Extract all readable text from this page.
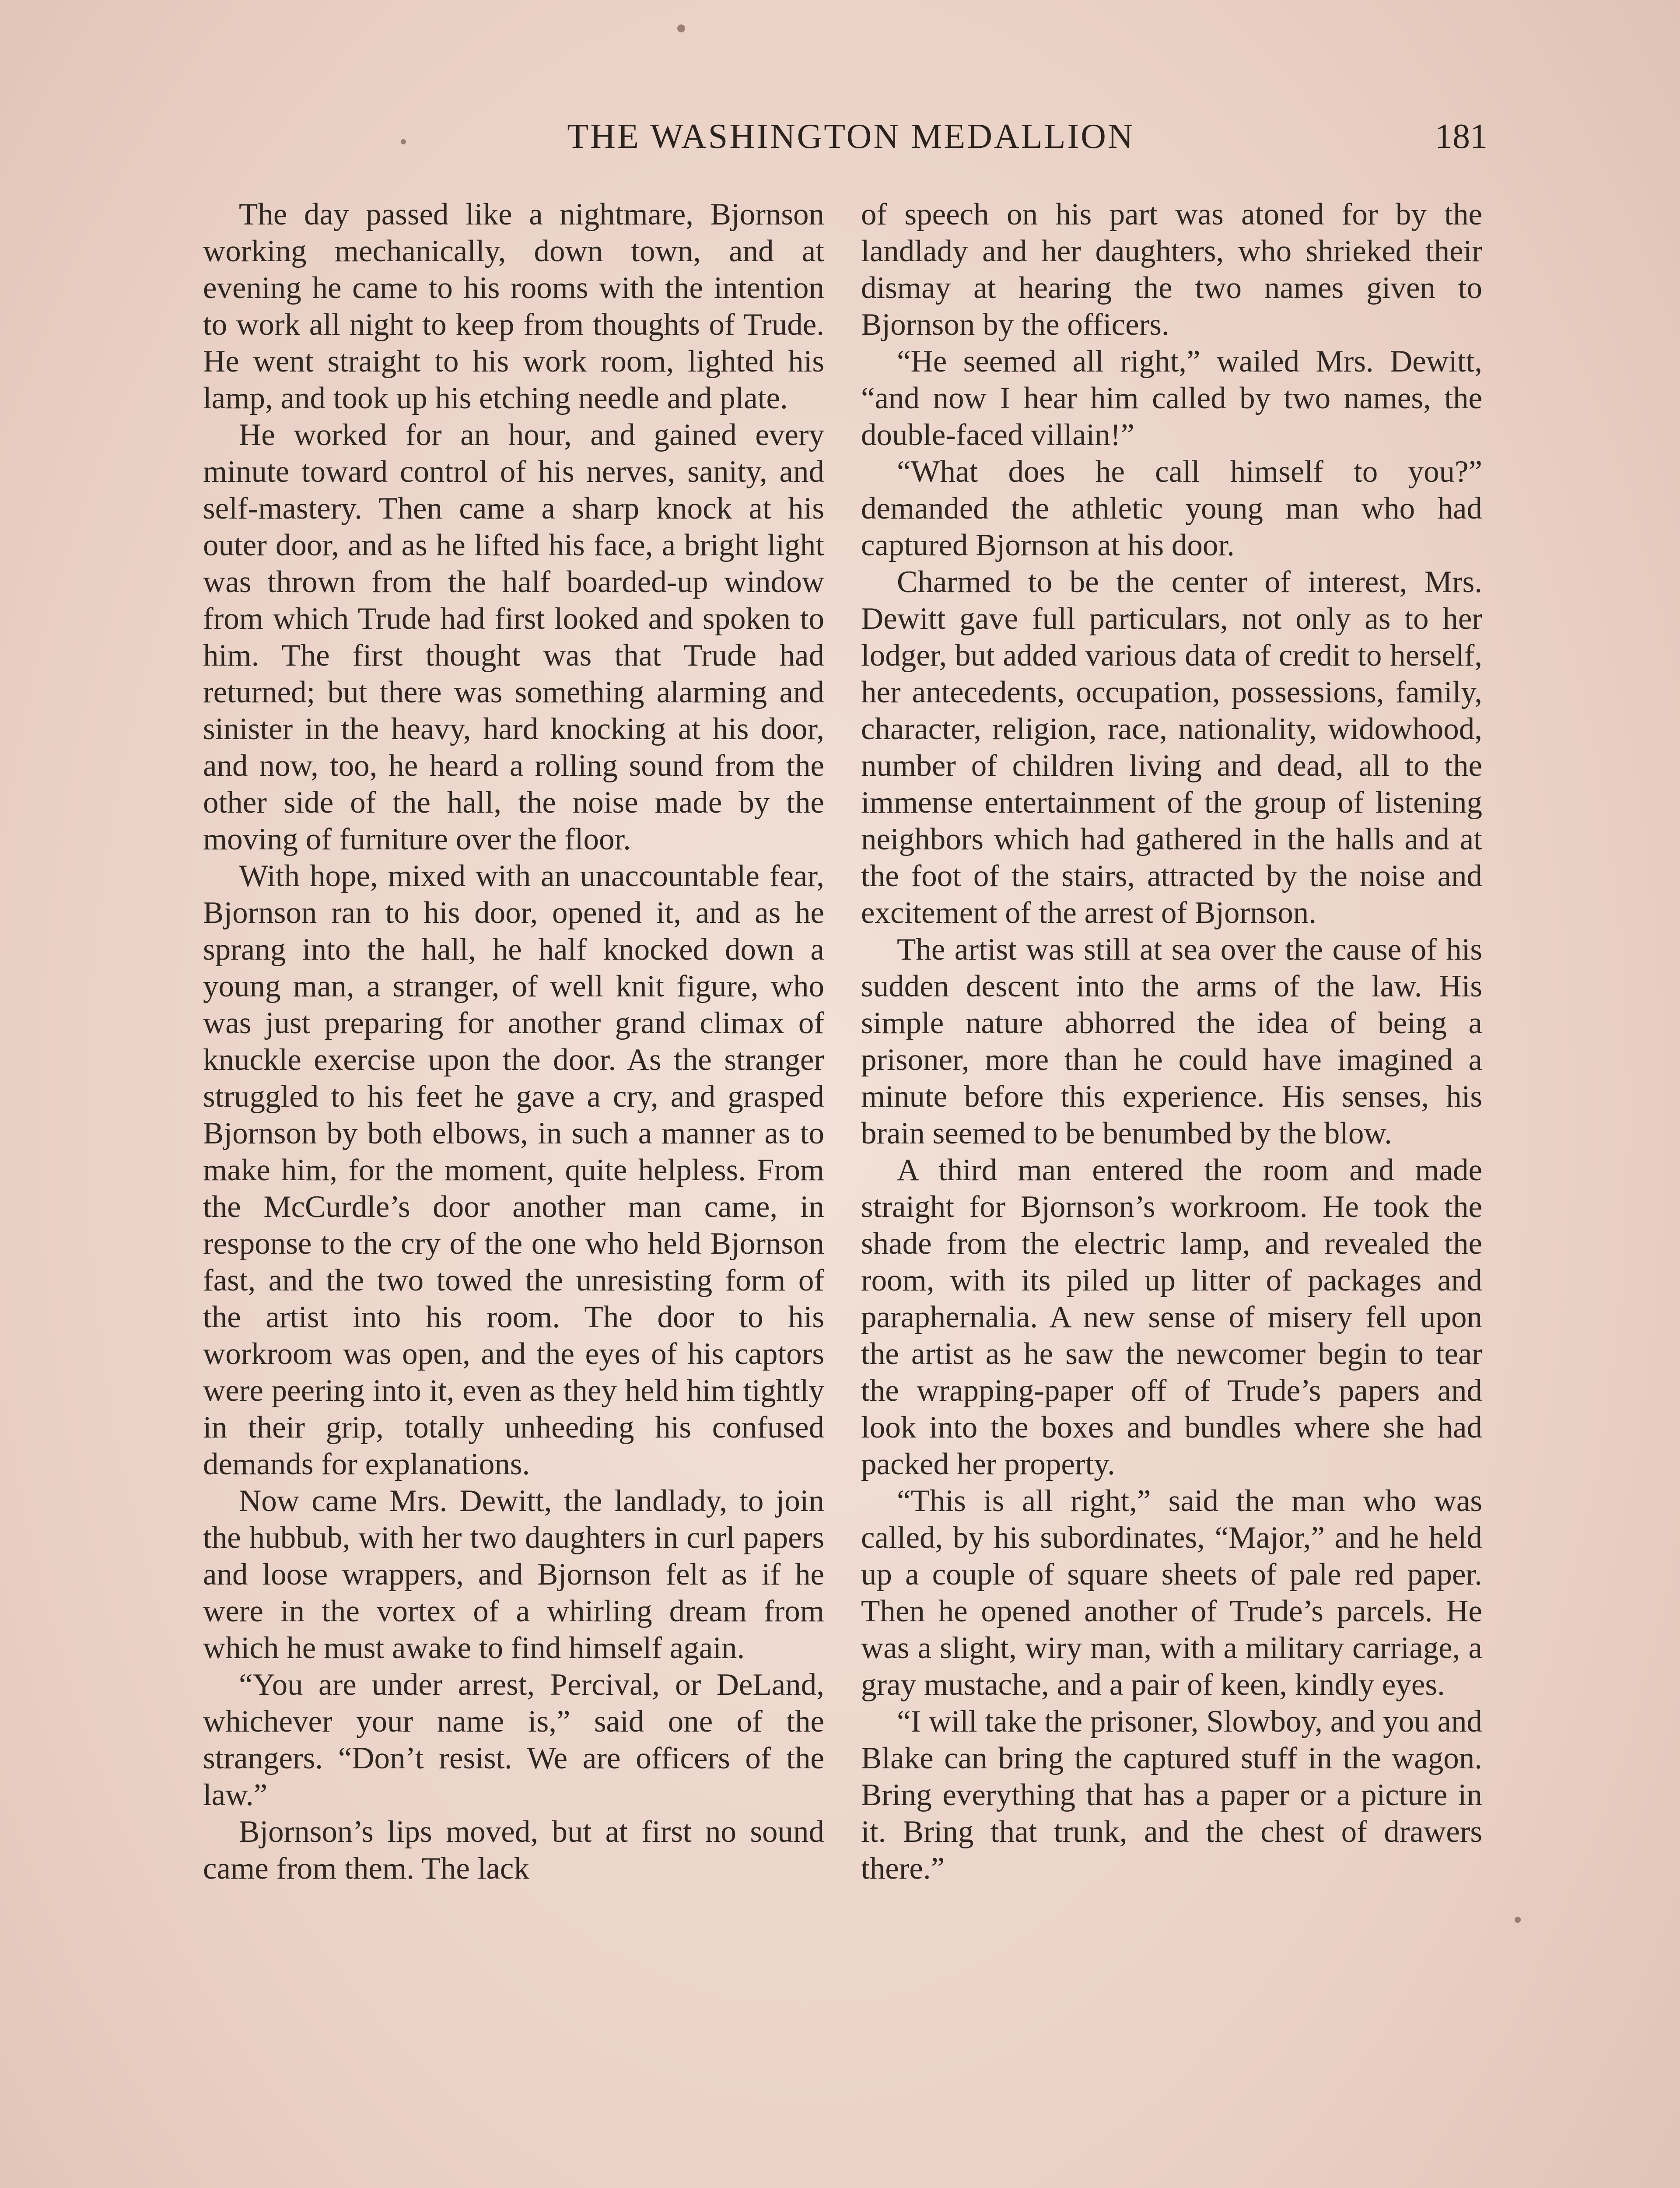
THE WASHINGTON MEDALLION	181

The day passed like a nightmare, Bjornson working mechanically, down town, and at evening he came to his rooms with the intention to work all night to keep from thoughts of Trude. He went straight to his work room, lighted his lamp, and took up his etching needle and plate.

He worked for an hour, and gained every minute toward control of his nerves, sanity, and self-mastery. Then came a sharp knock at his outer door, and as he lifted his face, a bright light was thrown from the half boarded-up window from which Trude had first looked and spoken to him. The first thought was that Trude had returned; but there was something alarming and sinister in the heavy, hard knocking at his door, and now, too, he heard a rolling sound from the other side of the hall, the noise made by the moving of furniture over the floor.

With hope, mixed with an unaccountable fear, Bjornson ran to his door, opened it, and as he sprang into the hall, he half knocked down a young man, a stranger, of well knit figure, who was just preparing for another grand climax of knuckle exercise upon the door. As the stranger struggled to his feet he gave a cry, and grasped Bjornson by both elbows, in such a manner as to make him, for the moment, quite helpless. From the McCurdle’s door another man came, in response to the cry of the one who held Bjornson fast, and the two towed the unresisting form of the artist into his room. The door to his workroom was open, and the eyes of his captors were peering into it, even as they held him tightly in their grip, totally unheeding his confused demands for explanations.

Now came Mrs. Dewitt, the landlady, to join the hubbub, with her two daughters in curl papers and loose wrappers, and Bjornson felt as if he were in the vortex of a whirling dream from which he must awake to find himself again.

“You are under arrest, Percival, or DeLand, whichever your name is,” said one of the strangers. “Don’t resist. We are officers of the law.”

Bjornson’s lips moved, but at first no sound came from them. The lack

of speech on his part was atoned for by the landlady and her daughters, who shrieked their dismay at hearing the two names given to Bjornson by the officers.

“He seemed all right,” wailed Mrs. Dewitt, “and now I hear him called by two names, the double-faced villain!”

“What does he call himself to you?” demanded the athletic young man who had captured Bjornson at his door.

Charmed to be the center of interest, Mrs. Dewitt gave full particulars, not only as to her lodger, but added various data of credit to herself, her antecedents, occupation, possessions, family, character, religion, race, nationality, widowhood, number of children living and dead, all to the immense entertainment of the group of listening neighbors which had gathered in the halls and at the foot of the stairs, attracted by the noise and excitement of the arrest of Bjornson.

The artist was still at sea over the cause of his sudden descent into the arms of the law. His simple nature abhorred the idea of being a prisoner, more than he could have imagined a minute before this experience. His senses, his brain seemed to be benumbed by the blow.

A third man entered the room and made straight for Bjornson’s workroom. He took the shade from the electric lamp, and revealed the room, with its piled up litter of packages and paraphernalia. A new sense of misery fell upon the artist as he saw the newcomer begin to tear the wrapping-paper off of Trude’s papers and look into the boxes and bundles where she had packed her property.

“This is all right,” said the man who was called, by his subordinates, “Major,” and he held up a couple of square sheets of pale red paper. Then he opened another of Trude’s parcels. He was a slight, wiry man, with a military carriage, a gray mustache, and a pair of keen, kindly eyes.

“I will take the prisoner, Slowboy, and you and Blake can bring the captured stuff in the wagon. Bring everything that has a paper or a picture in it. Bring that trunk, and the chest of drawers there.”
